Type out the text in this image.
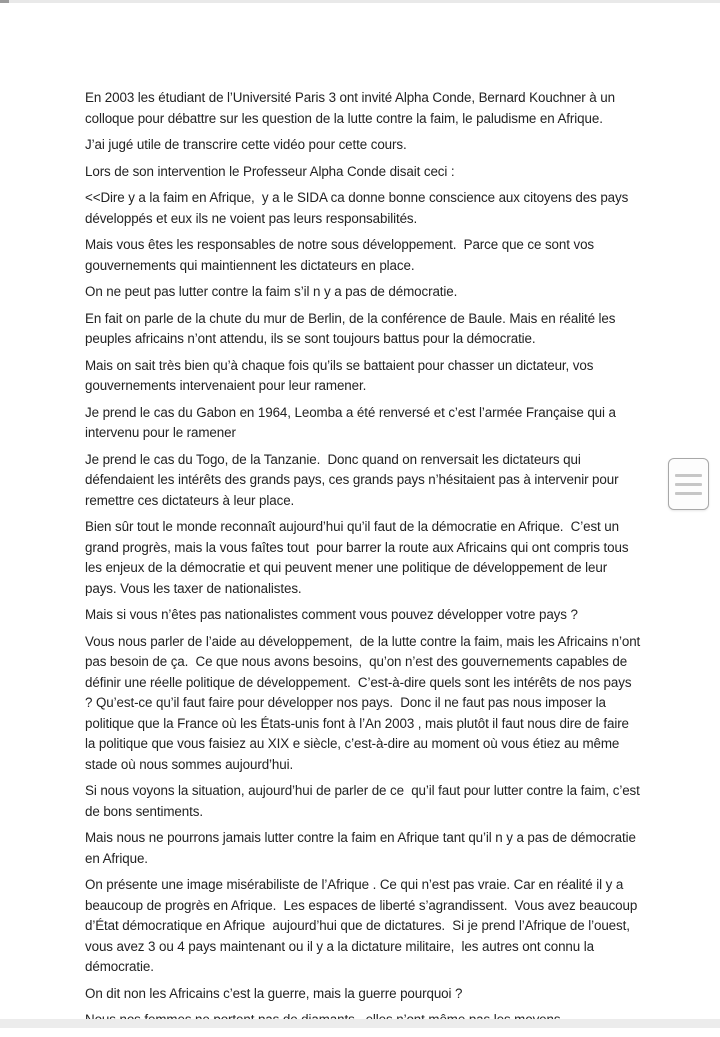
En 2003 les étudiant de l’Université Paris 3 ont invité Alpha Conde, Bernard Kouchner à un colloque pour débattre sur les question de la lutte contre la faim, le paludisme en Afrique.

J’ai jugé utile de transcrire cette vidéo pour cette cours.

Lors de son intervention le Professeur Alpha Conde disait ceci :

<<Dire y a la faim en Afrique,  y a le SIDA ca donne bonne conscience aux citoyens des pays développés et eux ils ne voient pas leurs responsabilités.

Mais vous êtes les responsables de notre sous développement.  Parce que ce sont vos gouvernements qui maintiennent les dictateurs en place.

On ne peut pas lutter contre la faim s’il n y a pas de démocratie.

En fait on parle de la chute du mur de Berlin, de la conférence de Baule. Mais en réalité les peuples africains n’ont attendu, ils se sont toujours battus pour la démocratie.

Mais on sait très bien qu’à chaque fois qu’ils se battaient pour chasser un dictateur, vos gouvernements intervenaient pour leur ramener.

Je prend le cas du Gabon en 1964, Leomba a été renversé et c’est l’armée Française qui a intervenu pour le ramener

Je prend le cas du Togo, de la Tanzanie.  Donc quand on renversait les dictateurs qui défendaient les intérêts des grands pays, ces grands pays n’hésitaient pas à intervenir pour remettre ces dictateurs à leur place.

Bien sûr tout le monde reconnaît aujourd’hui qu’il faut de la démocratie en Afrique.  C’est un grand progrès, mais la vous faîtes tout  pour barrer la route aux Africains qui ont compris tous les enjeux de la démocratie et qui peuvent mener une politique de développement de leur pays. Vous les taxer de nationalistes.

Mais si vous n’êtes pas nationalistes comment vous pouvez développer votre pays ?

Vous nous parler de l’aide au développement,  de la lutte contre la faim, mais les Africains n’ont pas besoin de ça.  Ce que nous avons besoins,  qu’on n’est des gouvernements capables de définir une réelle politique de développement.  C’est-à-dire quels sont les intérêts de nos pays ? Qu’est-ce qu’il faut faire pour développer nos pays.  Donc il ne faut pas nous imposer la politique que la France où les États-unis font à l’An 2003 , mais plutôt il faut nous dire de faire la politique que vous faisiez au XIX e siècle, c’est-à-dire au moment où vous étiez au même stade où nous sommes aujourd’hui.

Si nous voyons la situation, aujourd’hui de parler de ce  qu’il faut pour lutter contre la faim, c’est de bons sentiments.

Mais nous ne pourrons jamais lutter contre la faim en Afrique tant qu’il n y a pas de démocratie en Afrique.

On présente une image misérabiliste de l’Afrique . Ce qui n’est pas vraie. Car en réalité il y a beaucoup de progrès en Afrique.  Les espaces de liberté s’agrandissent.  Vous avez beaucoup d’État démocratique en Afrique  aujourd’hui que de dictatures.  Si je prend l’Afrique de l’ouest,  vous avez 3 ou 4 pays maintenant ou il y a la dictature militaire,  les autres ont connu la démocratie.

On dit non les Africains c’est la guerre, mais la guerre pourquoi ?
